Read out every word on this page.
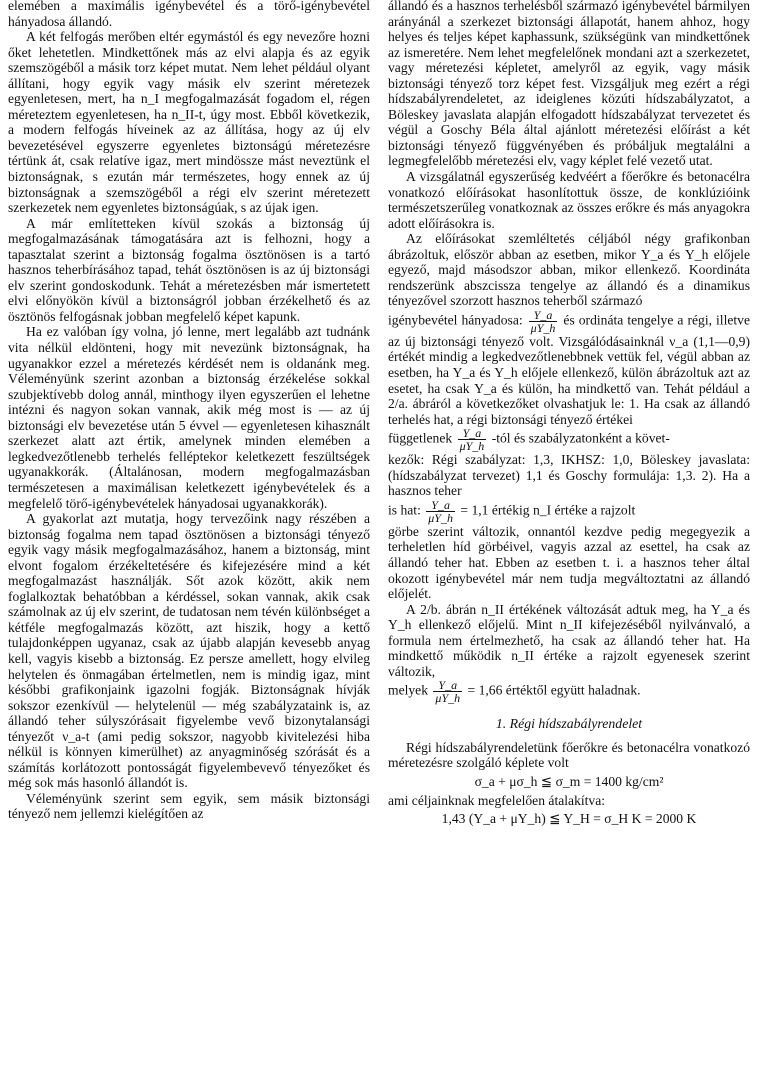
elemében a maximális igénybevétel és a törő-igénybevétel hányadosa állandó.

A két felfogás merőben eltér egymástól és egy nevezőre hozni őket lehetetlen. Mindkettőnek más az elvi alapja és az egyik szemszögéből a másik torz képet mutat. Nem lehet például olyant állítani, hogy egyik vagy másik elv szerint méretezek egyenletesen, mert, ha n_I megfogalmazását fogadom el, régen méreteztem egyenletesen, ha n_II-t, úgy most. Ebből következik, a modern felfogás híveinek az az állítása, hogy az új elv bevezetésével egyszerre egyenletes biztonságú méretezésre tértünk át, csak relatíve igaz, mert mindössze mást neveztünk el biztonságnak, s ezután már természetes, hogy ennek az új biztonságnak a szemszögéből a régi elv szerint méretezett szerkezetek nem egyenletes biztonságúak, s az újak igen.

A már említetteken kívül szokás a biztonság új megfogalmazásának támogatására azt is felhozni, hogy a tapasztalat szerint a biztonság fogalma ösztönösen is a tartó hasznos teherbírásához tapad, tehát ösztönösen is az új biztonsági elv szerint gondoskodunk. Tehát a méretezésben már ismertetett elvi előnyökön kívül a biztonságról jobban érzékelhető és az ösztönös felfogásnak jobban megfelelő képet kapunk.

Ha ez valóban így volna, jó lenne, mert legalább azt tudnánk vita nélkül eldönteni, hogy mit nevezünk biztonságnak, ha ugyanakkor ezzel a méretezés kérdését nem is oldanánk meg. Véleményünk szerint azonban a biztonság érzékelése sokkal szubjektívebb dolog annál, minthogy ilyen egyszerűen el lehetne intézni és nagyon sokan vannak, akik még most is — az új biztonsági elv bevezetése után 5 évvel — egyenletesen kihasznált szerkezet alatt azt értik, amelynek minden elemében a legkedvezőtlenebb terhelés felléptekor keletkezett feszültségek ugyanakkorák. (Általánosan, modern megfogalmazásban természetesen a maximálisan keletkezett igénybevételek és a megfelelő törő-igénybevételek hányadosai ugyanakkorák).

A gyakorlat azt mutatja, hogy tervezőink nagy részében a biztonság fogalma nem tapad ösztönösen a biztonsági tényező egyik vagy másik megfogalmazásához, hanem a biztonság, mint elvont fogalom érzékeltetésére és kifejezésére mind a két megfogalmazást használják. Sőt azok között, akik nem foglalkoztak behatóbban a kérdéssel, sokan vannak, akik csak számolnak az új elv szerint, de tudatosan nem tévén különbséget a kétféle megfogalmazás között, azt hiszik, hogy a kettő tulajdonképpen ugyanaz, csak az újabb alapján kevesebb anyag kell, vagyis kisebb a biztonság. Ez persze amellett, hogy elvileg helytelen és önmagában értelmetlen, nem is mindig igaz, mint későbbi grafikonjaink igazolni fogják. Biztonságnak hívják sokszor ezenkívül — helytelenül — még szabályzataink is, az állandó teher súlyszórásait figyelembe vevő bizonytalansági tényezőt ν_a-t (ami pedig sokszor, nagyobb kivitelezési hiba nélkül is könnyen kimerülhet) az anyagminőség szórását és a számítás korlátozott pontosságát figyelembevevő tényezőket és még sok más hasonló állandót is.

Véleményünk szerint sem egyik, sem másik biztonsági tényező nem jellemzi kielégítően az

állandó és a hasznos terhelésből származó igénybevétel bármilyen arányánál a szerkezet biztonsági állapotát, hanem ahhoz, hogy helyes és teljes képet kaphassunk, szükségünk van mindkettőnek az ismeretére. Nem lehet megfelelőnek mondani azt a szerkezetet, vagy méretezési képletet, amelyről az egyik, vagy másik biztonsági tényező torz képet fest. Vizsgáljuk meg ezért a régi hídszabályrendeletet, az ideiglenes közúti hídszabályzatot, a Böleskey javaslata alapján elfogadott hídszabályzat tervezetet és végül a Goschy Béla által ajánlott méretezési előírást a két biztonsági tényező függvényében és próbáljuk megtalálni a legmegfelelőbb méretezési elv, vagy képlet felé vezető utat.

A vizsgálatnál egyszerűség kedvéért a főerőkre és betonacélra vonatkozó előírásokat hasonlítottuk össze, de konklúzióink természetszerűleg vonatkoznak az összes erőkre és más anyagokra adott előírásokra is.

Az előírásokat szemléltetés céljából négy grafikonban ábrázoltuk, először abban az esetben, mikor Y_a és Y_h előjele egyező, majd másodszor abban, mikor ellenkező. Koordináta rendszerünk abszcissza tengelye az állandó és a dinamikus tényezővel szorzott hasznos teherből származó

igénybevétel hányadosa: $\frac{Y\_a}{\mu Y\_h}$ és ordináta tengelye a régi, illetve az új biztonsági tényező volt. Vizsgálódásainknál ν_a (1,1—0,9) értékét mindig a legkedvezőtlenebbnek vettük fel, végül abban az esetben, ha Y_a és Y_h előjele ellenkező, külön ábrázoltuk azt az esetet, ha csak Y_a és külön, ha mindkettő van. Tehát például a 2/a. ábráról a következőket olvashatjuk le: 1. Ha csak az állandó terhelés hat, a régi biztonsági tényező értékei

függetlenek $\frac{Y\_a}{\mu Y\_h}$ -tól és szabályzatonként a követ-

kezők: Régi szabályzat: 1,3, IKHSZ: 1,0, Böleskey javaslata: (hídszabályzat tervezet) 1,1 és Goschy formulája: 1,3. 2). Ha a hasznos teher

is hat: $\frac{Y\_a}{\mu Y\_h} = 1,1$ értékig n_I értéke a rajzolt

görbe szerint változik, onnantól kezdve pedig megegyezik a terheletlen híd görbéivel, vagyis azzal az esettel, ha csak az állandó teher hat. Ebben az esetben t. i. a hasznos teher által okozott igénybevétel már nem tudja megváltoztatni az állandó előjelét.

A 2/b. ábrán n_II értékének változását adtuk meg, ha Y_a és Y_h ellenkező előjelű. Mint n_II kifejezéséből nyilvánvaló, a formula nem értelmezhető, ha csak az állandó teher hat. Ha mindkettő működik n_II értéke a rajzolt egyenesek szerint változik,

melyek $\frac{Y\_a}{\mu Y\_h} = 1,66$ értéktől együtt haladnak.

1. Régi hídszabályrendelet

Régi hídszabályrendeletünk főerőkre és betonacélra vonatkozó méretezésre szolgáló képlete volt

σ_a + μσ_h ≦ σ_m = 1400 kg/cm²

ami céljainknak megfelelően átalakítva:

1,43 (Y_a + μY_h) ≦ Y_H = σ_H K = 2000 K
